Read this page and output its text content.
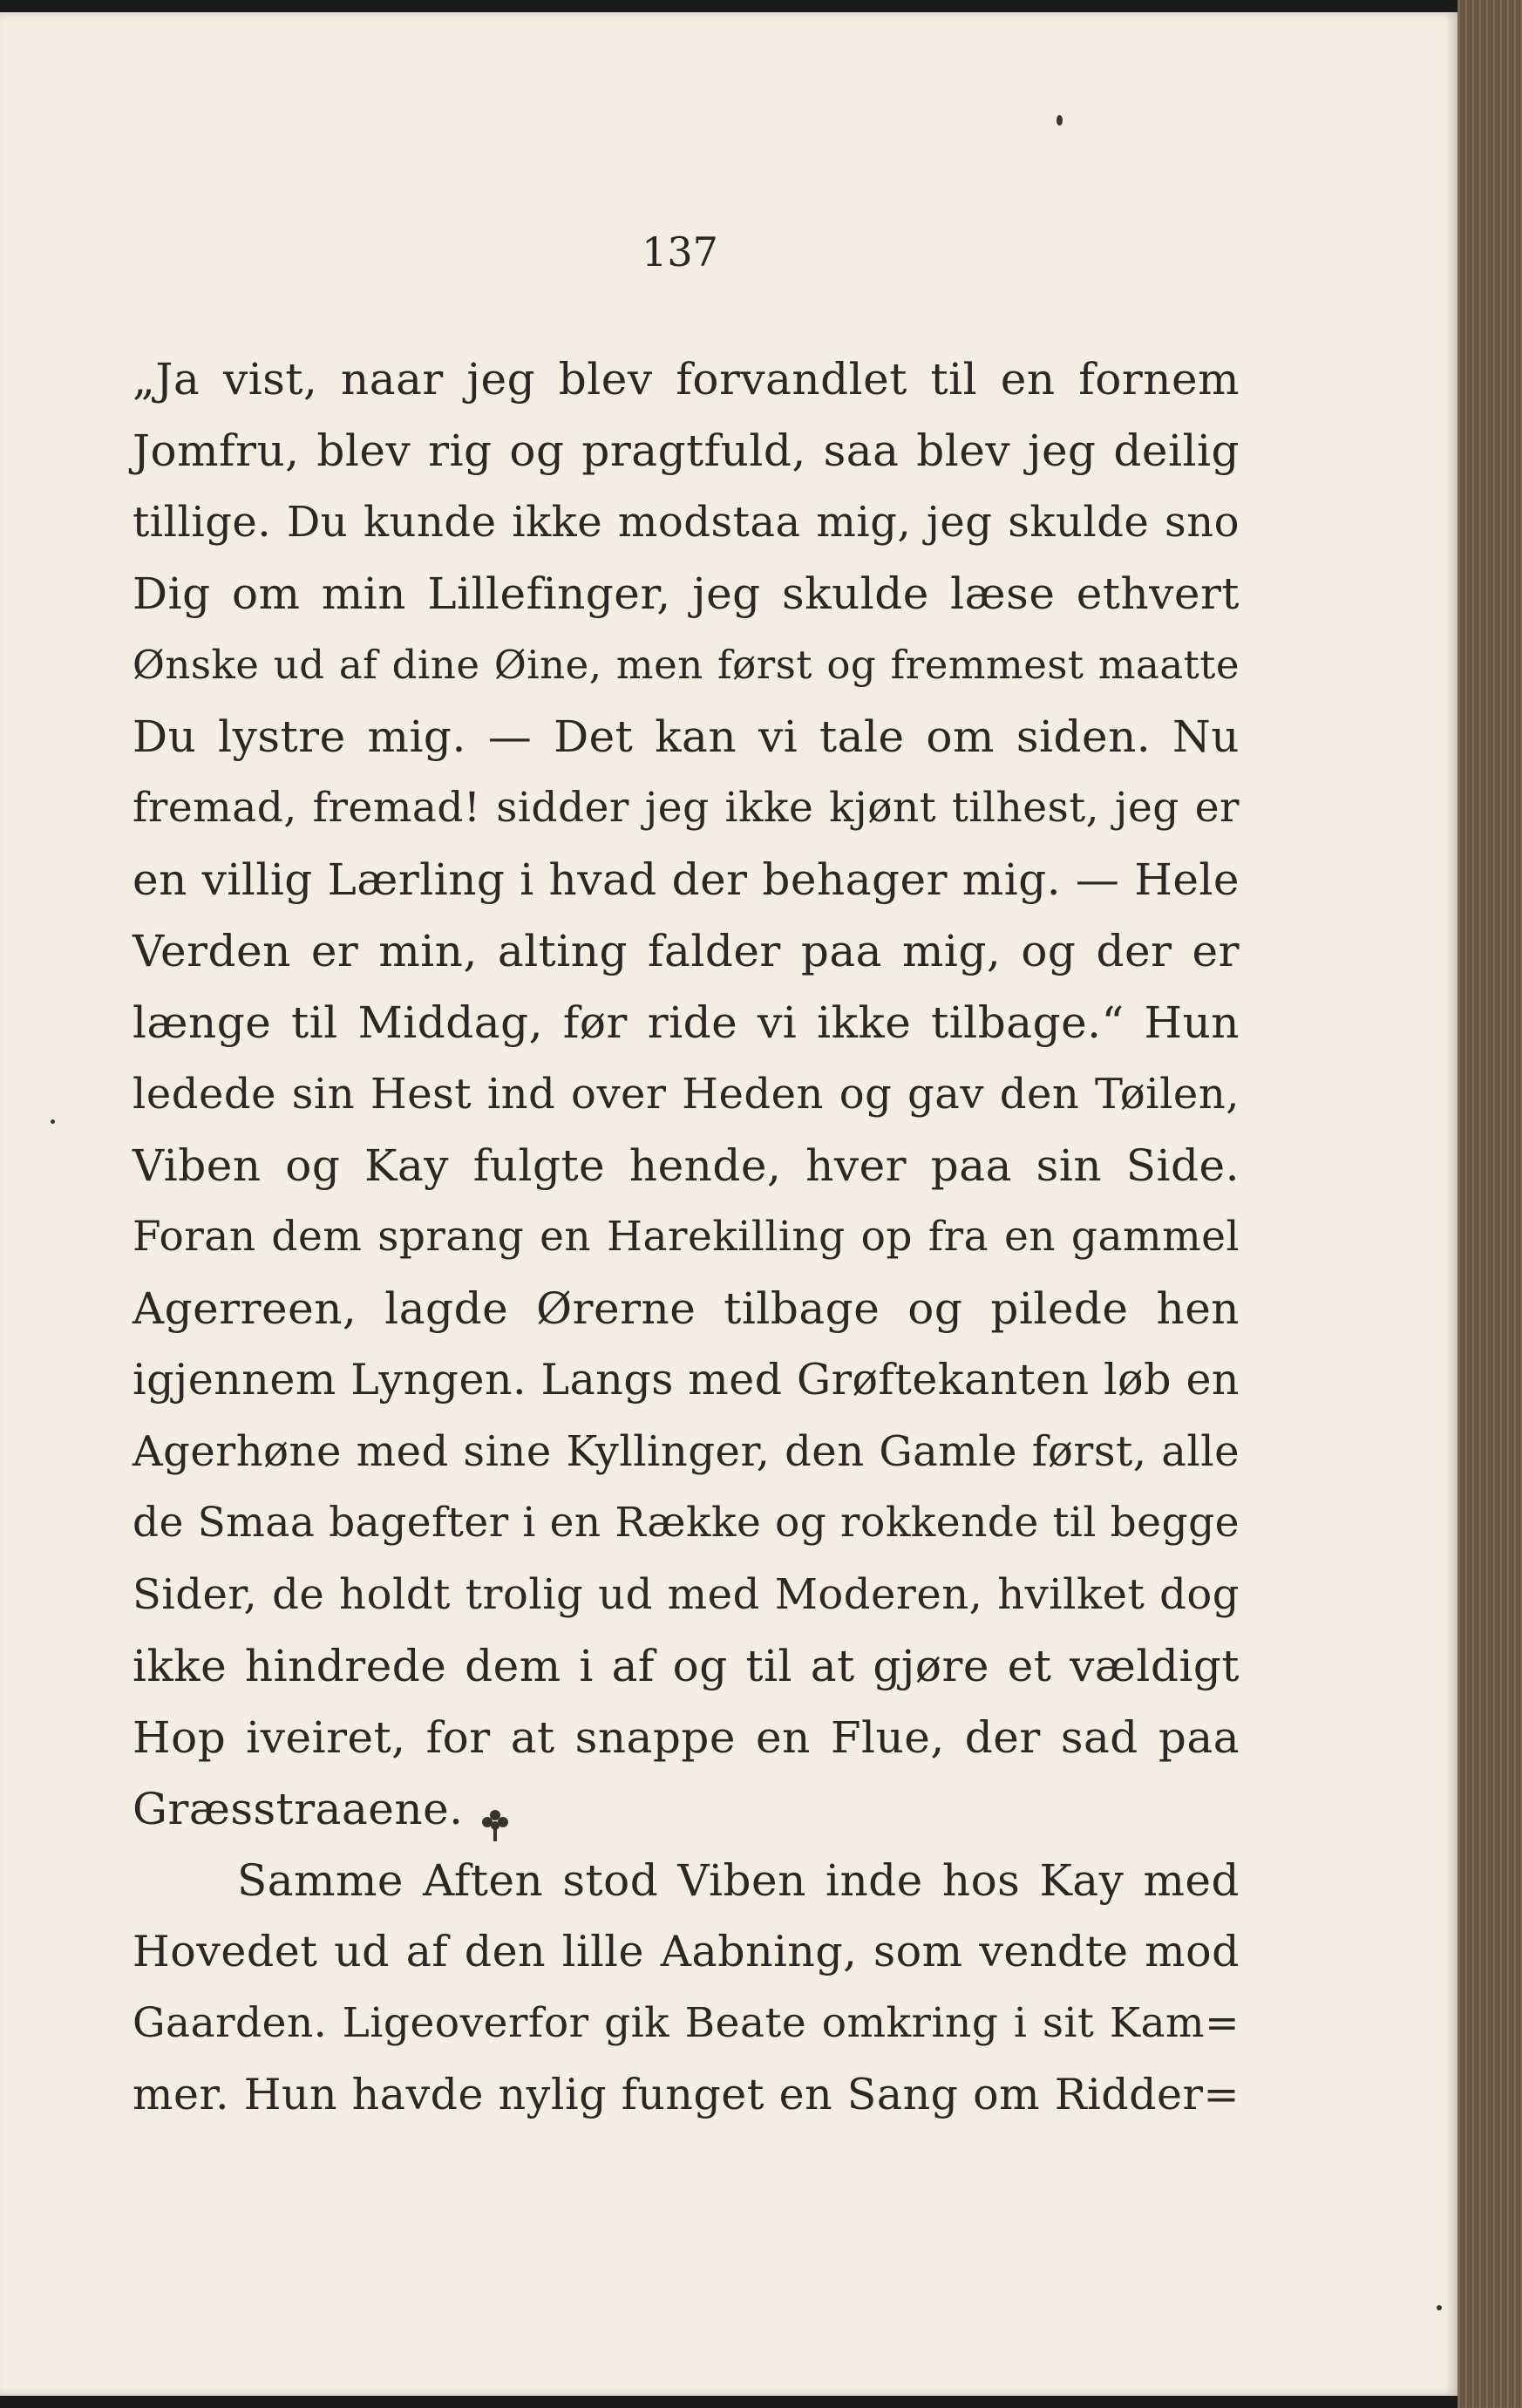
137
„Ja vist, naar jeg blev forvandlet til en fornem
Jomfru, blev rig og pragtfuld, saa blev jeg deilig
tillige. Du kunde ikke modstaa mig, jeg skulde sno
Dig om min Lillefinger, jeg skulde læse ethvert
Ønske ud af dine Øine, men først og fremmest maatte
Du lystre mig. — Det kan vi tale om siden. Nu
fremad, fremad! sidder jeg ikke kjønt tilhest, jeg er
en villig Lærling i hvad der behager mig. — Hele
Verden er min, alting falder paa mig, og der er
længe til Middag, før ride vi ikke tilbage.“ Hun
ledede sin Hest ind over Heden og gav den Tøilen,
Viben og Kay fulgte hende, hver paa sin Side.
Foran dem sprang en Harekilling op fra en gammel
Agerreen, lagde Ørerne tilbage og pilede hen
igjennem Lyngen. Langs med Grøftekanten løb en
Agerhøne med sine Kyllinger, den Gamle først, alle
de Smaa bagefter i en Række og rokkende til begge
Sider, de holdt trolig ud med Moderen, hvilket dog
ikke hindrede dem i af og til at gjøre et vældigt
Hop iveiret, for at snappe en Flue, der sad paa
Græsstraaene.
Samme Aften stod Viben inde hos Kay med
Hovedet ud af den lille Aabning, som vendte mod
Gaarden. Ligeoverfor gik Beate omkring i sit Kam=
mer. Hun havde nylig funget en Sang om Ridder=
